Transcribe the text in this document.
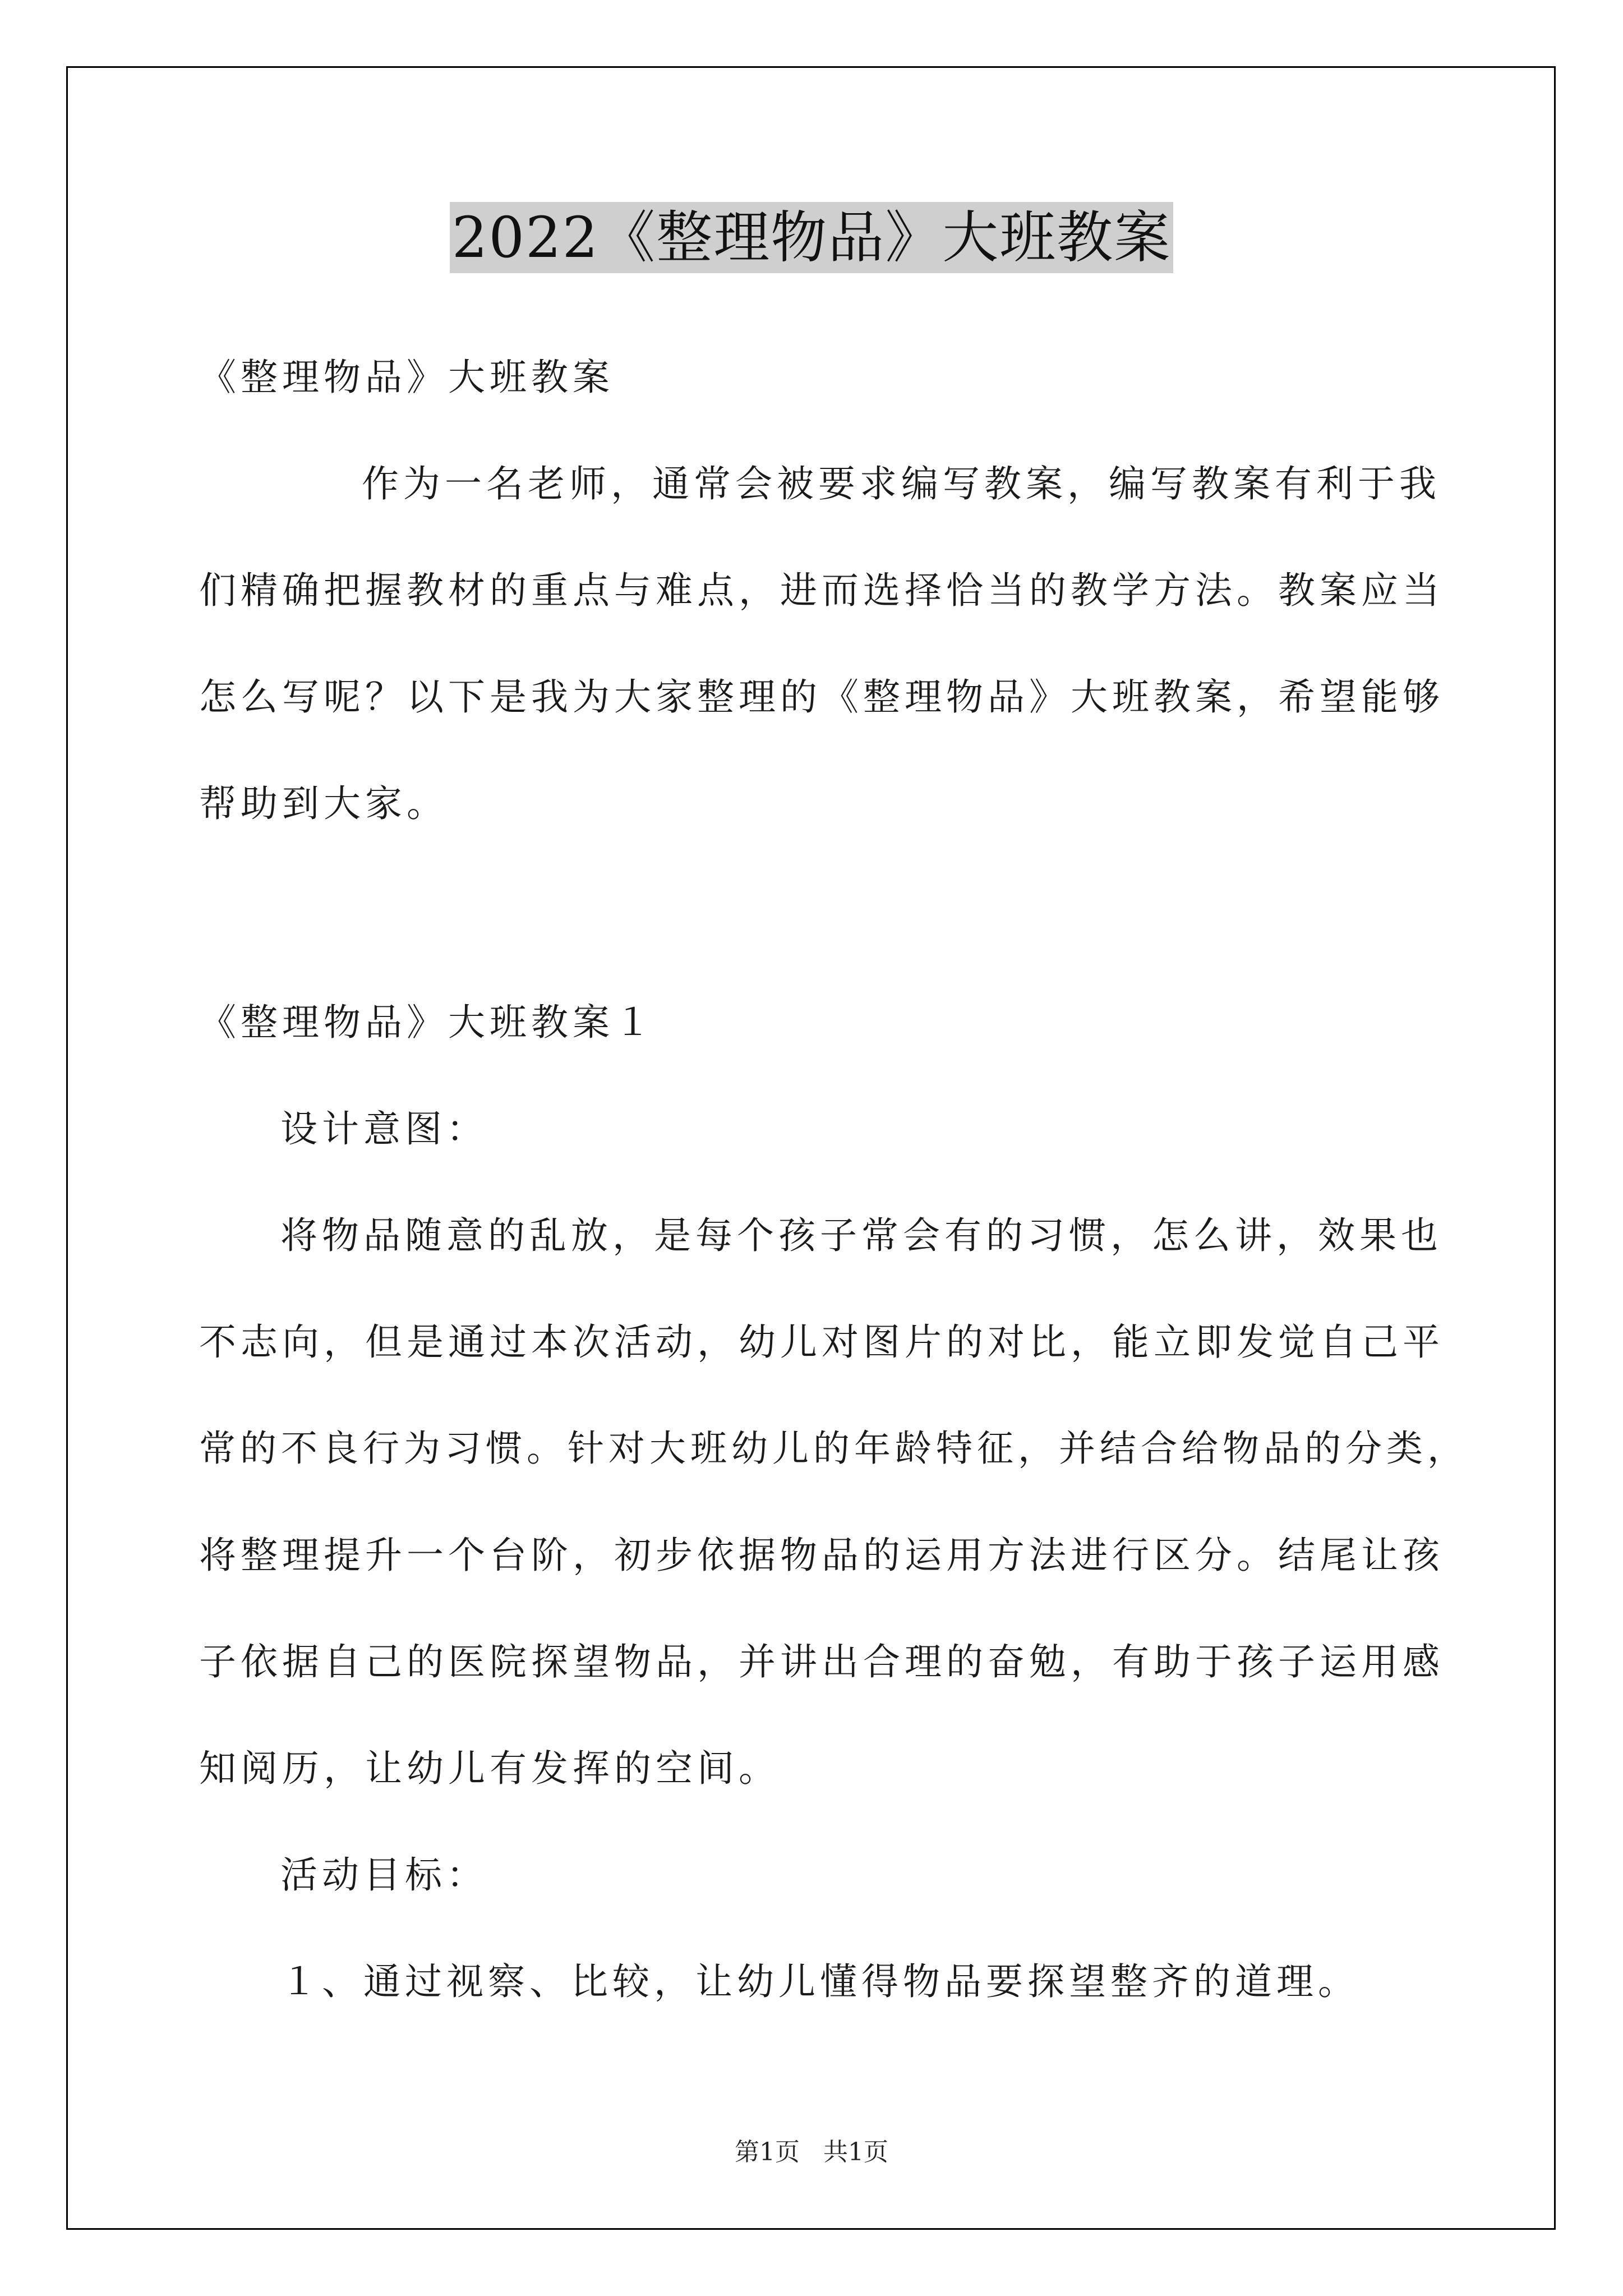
2022《整理物品》大班教案
《整理物品》大班教案
作为一名老师，通常会被要求编写教案，编写教案有利于我
们精确把握教材的重点与难点，进而选择恰当的教学方法。教案应当
怎么写呢？以下是我为大家整理的《整理物品》大班教案，希望能够
帮助到大家。
《整理物品》大班教案１
设计意图：
将物品随意的乱放，是每个孩子常会有的习惯，怎么讲，效果也
不志向，但是通过本次活动，幼儿对图片的对比，能立即发觉自己平
常的不良行为习惯。针对大班幼儿的年龄特征，并结合给物品的分类，
将整理提升一个台阶，初步依据物品的运用方法进行区分。结尾让孩
子依据自己的医院探望物品，并讲出合理的奋勉，有助于孩子运用感
知阅历，让幼儿有发挥的空间。
活动目标：
１、通过视察、比较，让幼儿懂得物品要探望整齐的道理。
第1页   共1页
